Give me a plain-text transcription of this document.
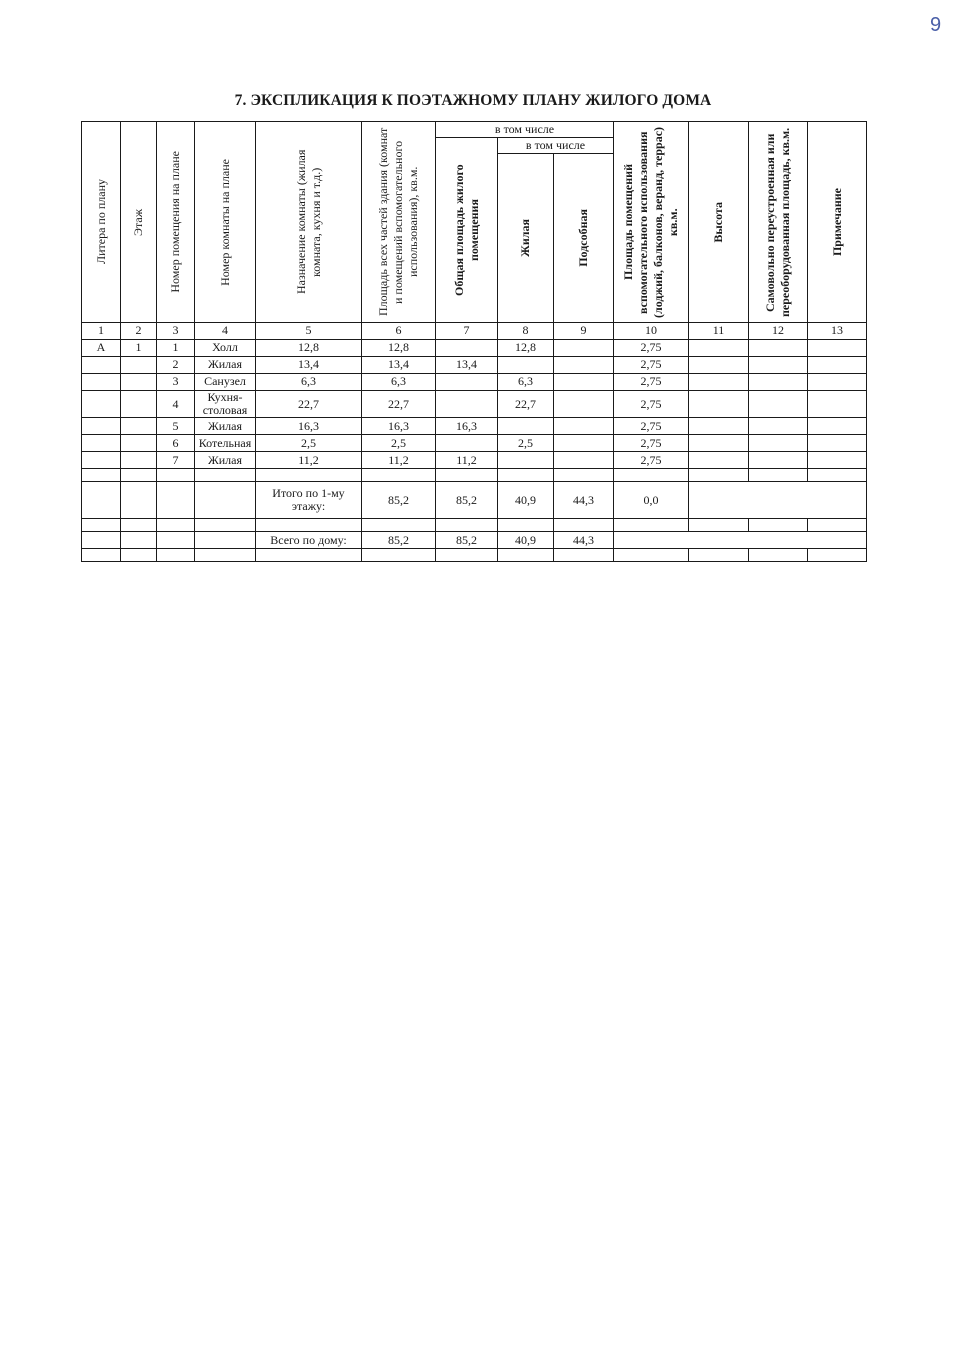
9
7. ЭКСПЛИКАЦИЯ К ПОЭТАЖНОМУ ПЛАНУ ЖИЛОГО ДОМА
Литера по плану	Этаж	Номер помещения на плане	Номер комнаты на плане	Назначение комнаты (жилая комната, кухня и т.д.)	Площадь всех частей здания (комнат и помещений вспомогательного использования), кв.м.	в том числе			Площадь помещений вспомогательного использования (лоджий, балконов, веранд, террас) кв.м.	Высота	Самовольно переустроенная или переоборудованная площадь, кв.м.	Примечание

						Общая площадь жилого помещения	в том числе					

							Жилая	Подсобная				

1	2	3	4	5	6	7	8	9	10	11	12	13
А	1	1	Холл	12,8	12,8		12,8		2,75			
		2	Жилая	13,4	13,4	13,4			2,75			
		3	Санузел	6,3	6,3		6,3		2,75			
		4	Кухня-столовая	22,7	22,7		22,7		2,75			
		5	Жилая	16,3	16,3	16,3			2,75			
		6	Котельная	2,5	2,5		2,5		2,75			
		7	Жилая	11,2	11,2	11,2			2,75			

				Итого по 1-му этажу:	85,2	85,2	40,9	44,3	0,0			

				Всего по дому:	85,2	85,2	40,9	44,3				
